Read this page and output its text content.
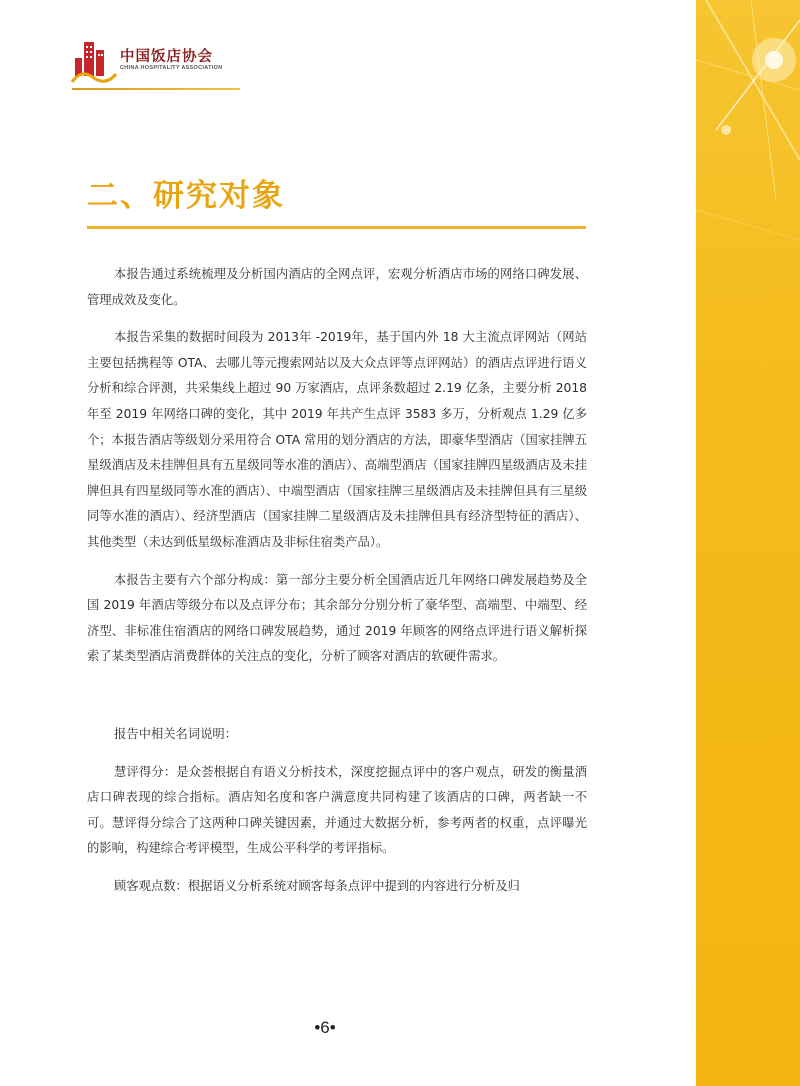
中国饭店协会
CHINA HOSPITALITY ASSOCIATION
二、研究对象

本报告通过系统梳理及分析国内酒店的全网点评，宏观分析酒店市场的网络口碑发展、管理成效及变化。

本报告采集的数据时间段为 2013年 -2019年，基于国内外 18 大主流点评网站（网站主要包括携程等 OTA、去哪儿等元搜索网站以及大众点评等点评网站）的酒店点评进行语义分析和综合评测，共采集线上超过 90 万家酒店，点评条数超过 2.19 亿条，主要分析 2018 年至 2019 年网络口碑的变化，其中 2019 年共产生点评 3583 多万，分析观点 1.29 亿多个；本报告酒店等级划分采用符合 OTA 常用的划分酒店的方法，即豪华型酒店（国家挂牌五星级酒店及未挂牌但具有五星级同等水准的酒店）、高端型酒店（国家挂牌四星级酒店及未挂牌但具有四星级同等水准的酒店）、中端型酒店（国家挂牌三星级酒店及未挂牌但具有三星级同等水准的酒店）、经济型酒店（国家挂牌二星级酒店及未挂牌但具有经济型特征的酒店）、其他类型（未达到低星级标准酒店及非标住宿类产品）。

本报告主要有六个部分构成：第一部分主要分析全国酒店近几年网络口碑发展趋势及全国 2019 年酒店等级分布以及点评分布；其余部分分别分析了豪华型、高端型、中端型、经济型、非标准住宿酒店的网络口碑发展趋势，通过 2019 年顾客的网络点评进行语义解析探索了某类型酒店消费群体的关注点的变化，分析了顾客对酒店的软硬件需求。

报告中相关名词说明：

慧评得分：是众荟根据自有语义分析技术，深度挖掘点评中的客户观点，研发的衡量酒店口碑表现的综合指标。酒店知名度和客户满意度共同构建了该酒店的口碑，两者缺一不可。慧评得分综合了这两种口碑关键因素，并通过大数据分析，参考两者的权重，点评曝光的影响，构建综合考评模型，生成公平科学的考评指标。

顾客观点数：根据语义分析系统对顾客每条点评中提到的内容进行分析及归

•6•
